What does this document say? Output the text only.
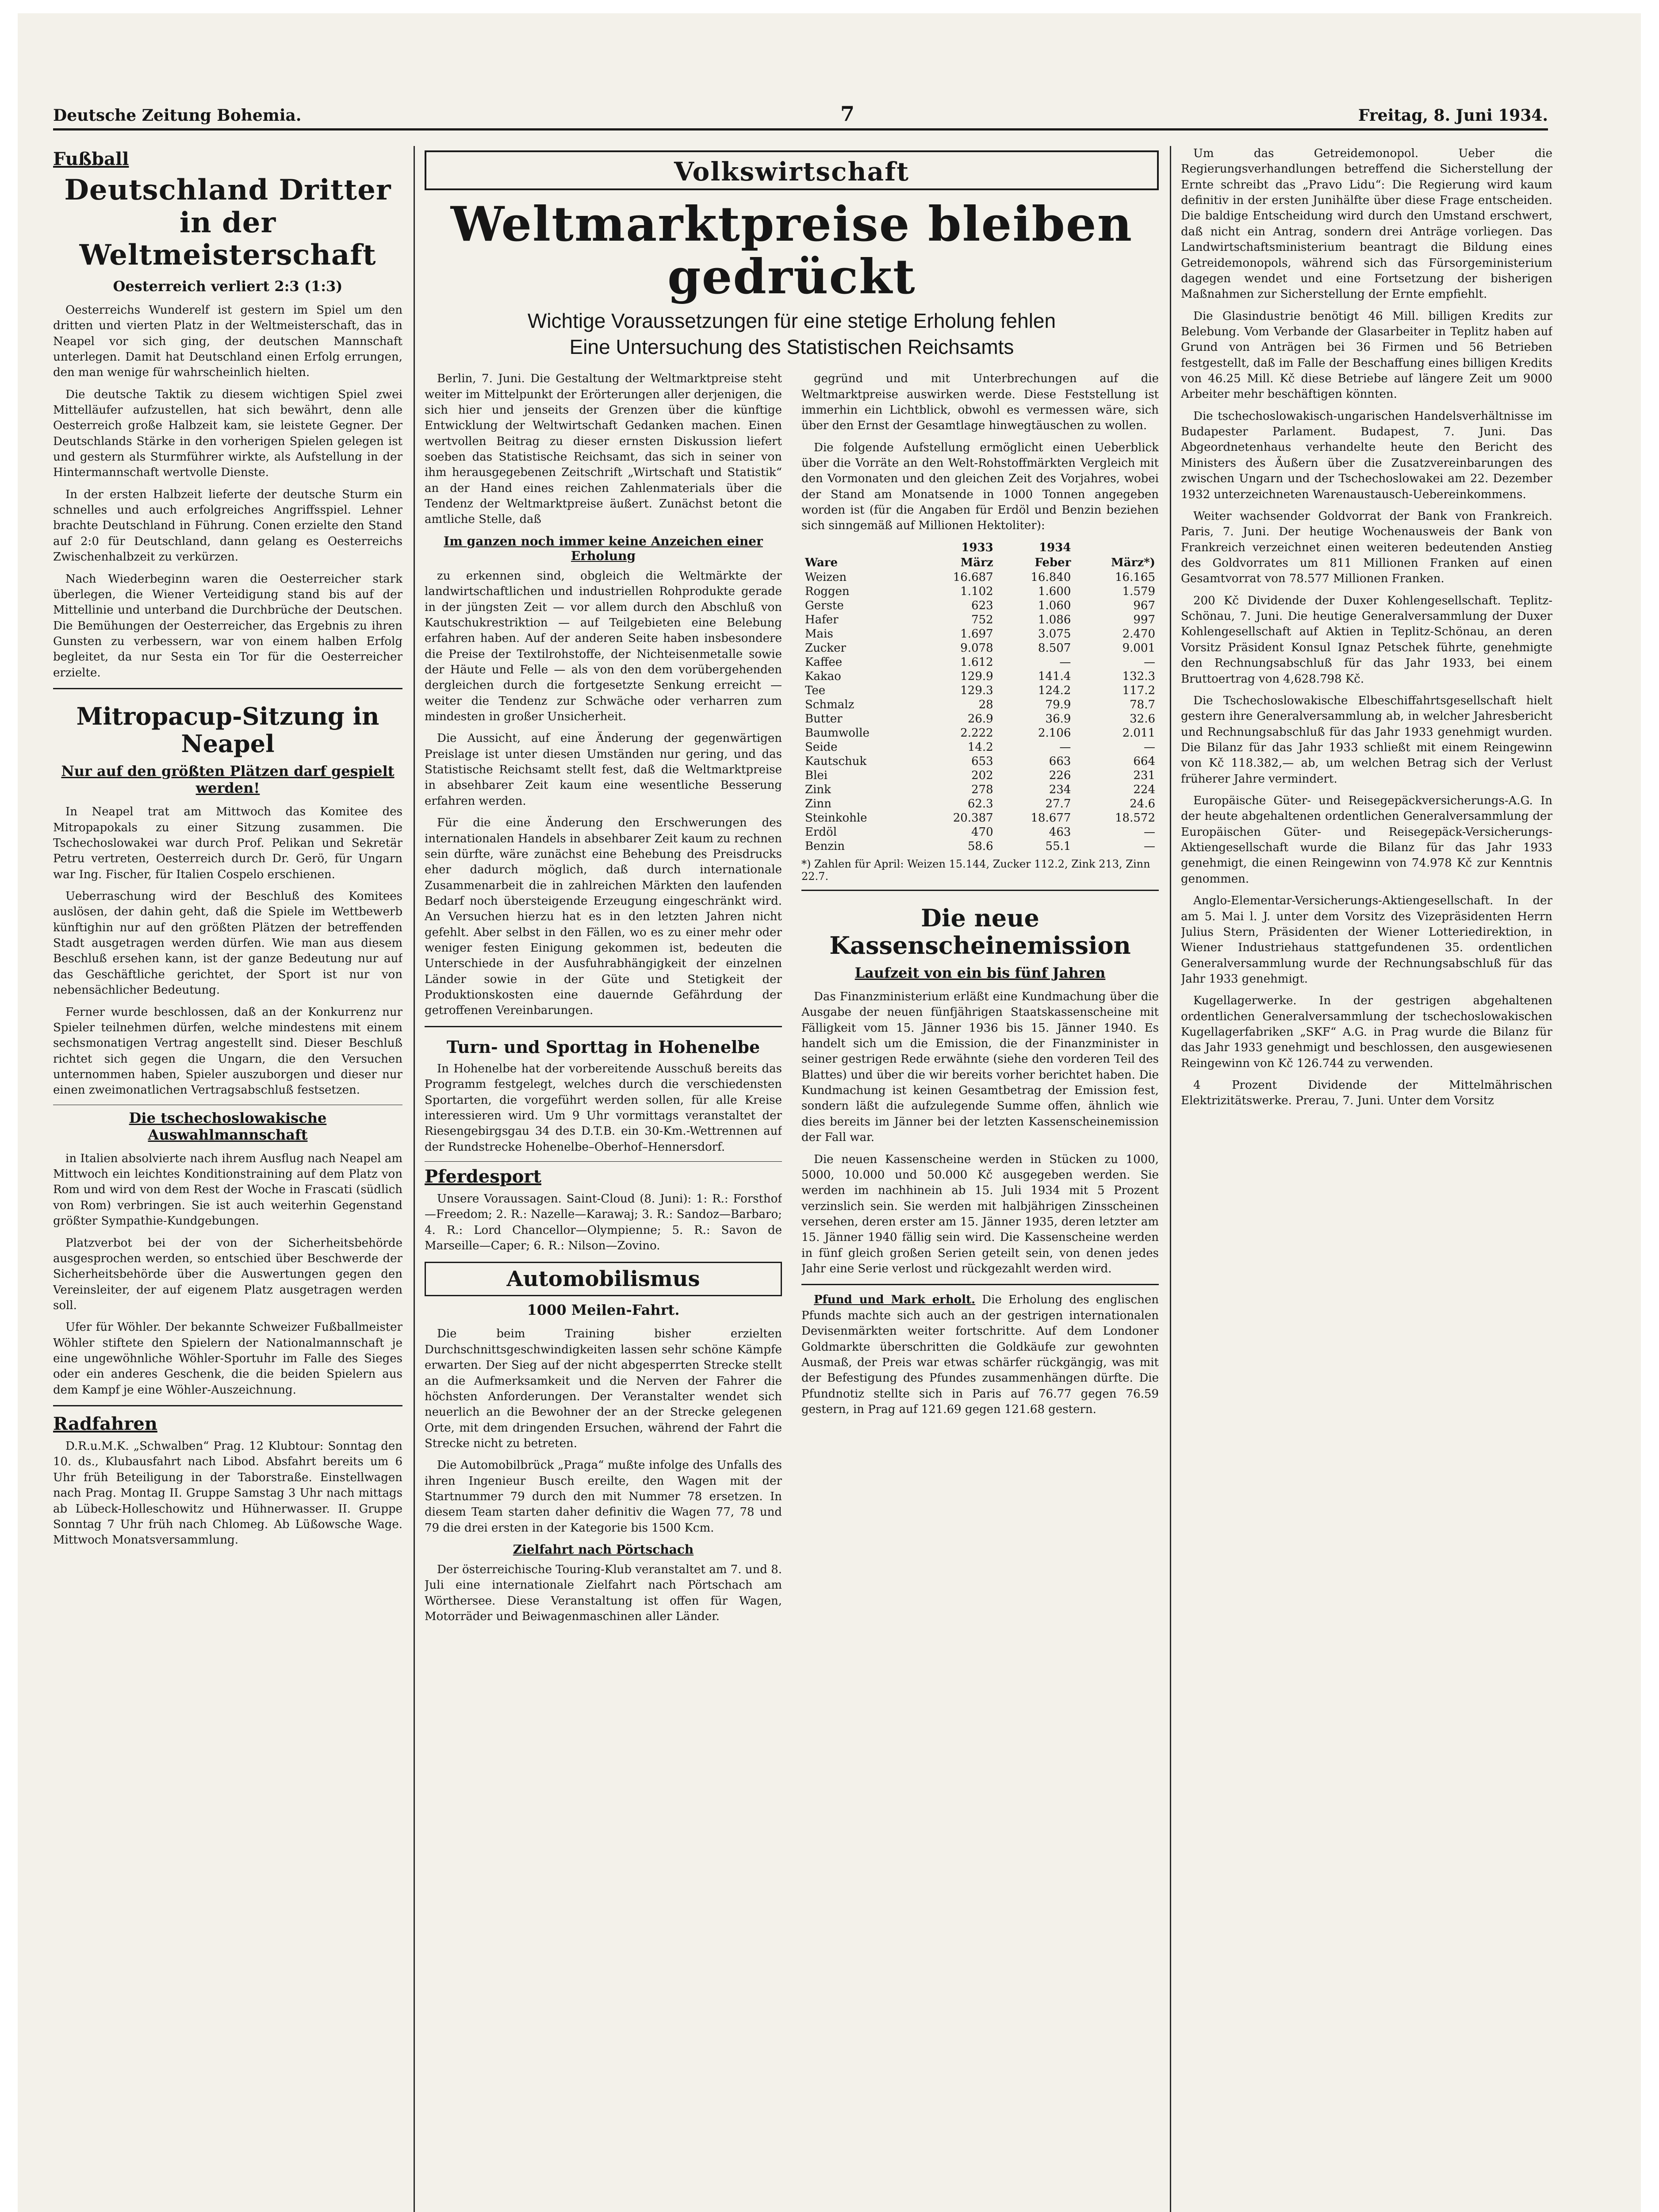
Deutsche Zeitung Bohemia.	7	Freitag, 8. Juni 1934.
Fußball
Deutschland Dritter in der Weltmeisterschaft
Oesterreich verliert 2:3 (1:3)

Oesterreichs Wunderelf ist gestern im Spiel um den dritten und vierten Platz in der Weltmeisterschaft, das in Neapel vor sich ging, der deutschen Mannschaft unterlegen. Damit hat Deutschland einen Erfolg errungen, den man wenige für wahrscheinlich hielten.

Die deutsche Taktik zu diesem wichtigen Spiel zwei Mittelläufer aufzustellen, hat sich bewährt, denn alle Oesterreich große Halbzeit kam, sie leistete Gegner. Der Deutschlands Stärke in den vorherigen Spielen gelegen ist und gestern als Sturmführer wirkte, als Aufstellung in der Hintermannschaft wertvolle Dienste.

In der ersten Halbzeit lieferte der deutsche Sturm ein schnelles und auch erfolgreiches Angriffsspiel. Lehner brachte Deutschland in Führung. Conen erzielte den Stand auf 2:0 für Deutschland, dann gelang es Oesterreichs Zwischenhalbzeit zu verkürzen.

Nach Wiederbeginn waren die Oesterreicher stark überlegen, die Wiener Verteidigung stand bis auf der Mittellinie und unterband die Durchbrüche der Deutschen. Die Bemühungen der Oesterreicher, das Ergebnis zu ihren Gunsten zu verbessern, war von einem halben Erfolg begleitet, da nur Sesta ein Tor für die Oesterreicher erzielte.

Mitropacup-Sitzung in Neapel
Nur auf den größten Plätzen darf gespielt werden!

In Neapel trat am Mittwoch das Komitee des Mitropapokals zu einer Sitzung zusammen. Die Tschechoslowakei war durch Prof. Pelikan und Sekretär Petru vertreten, Oesterreich durch Dr. Gerö, für Ungarn war Ing. Fischer, für Italien Cospelo erschienen.

Ueberraschung wird der Beschluß des Komitees auslösen, der dahin geht, daß die Spiele im Wettbewerb künftighin nur auf den größten Plätzen der betreffenden Stadt ausgetragen werden dürfen. Wie man aus diesem Beschluß ersehen kann, ist der ganze Bedeutung nur auf das Geschäftliche gerichtet, der Sport ist nur von nebensächlicher Bedeutung.

Ferner wurde beschlossen, daß an der Konkurrenz nur Spieler teilnehmen dürfen, welche mindestens mit einem sechsmonatigen Vertrag angestellt sind. Dieser Beschluß richtet sich gegen die Ungarn, die den Versuchen unternommen haben, Spieler auszuborgen und dieser nur einen zweimonatlichen Vertragsabschluß festsetzen.

Die tschechoslowakische Auswahlmannschaft

in Italien absolvierte nach ihrem Ausflug nach Neapel am Mittwoch ein leichtes Konditionstraining auf dem Platz von Rom und wird von dem Rest der Woche in Frascati (südlich von Rom) verbringen. Sie ist auch weiterhin Gegenstand größter Sympathie-Kundgebungen.

Platzverbot bei der von der Sicherheitsbehörde ausgesprochen werden, so entschied über Beschwerde der Sicherheitsbehörde über die Auswertungen gegen den Vereinsleiter, der auf eigenem Platz ausgetragen werden soll.

Ufer für Wöhler. Der bekannte Schweizer Fußballmeister Wöhler stiftete den Spielern der Nationalmannschaft je eine ungewöhnliche Wöhler-Sportuhr im Falle des Sieges oder ein anderes Geschenk, die die beiden Spielern aus dem Kampf je eine Wöhler-Auszeichnung.

Radfahren

D.R.u.M.K. „Schwalben“ Prag. 12 Klubtour: Sonntag den 10. ds., Klubausfahrt nach Libod. Absfahrt bereits um 6 Uhr früh Beteiligung in der Taborstraße. Einstellwagen nach Prag. Montag II. Gruppe Samstag 3 Uhr nach mittags ab Lübeck-Holleschowitz und Hühnerwasser. II. Gruppe Sonntag 7 Uhr früh nach Chlomeg. Ab Lüßowsche Wage. Mittwoch Monatsversammlung.

Volkswirtschaft
Weltmarktpreise bleiben gedrückt
Wichtige Voraussetzungen für eine stetige Erholung fehlen
Eine Untersuchung des Statistischen Reichsamts

Berlin, 7. Juni. Die Gestaltung der Weltmarktpreise steht weiter im Mittelpunkt der Erörterungen aller derjenigen, die sich hier und jenseits der Grenzen über die künftige Entwicklung der Weltwirtschaft Gedanken machen. Einen wertvollen Beitrag zu dieser ernsten Diskussion liefert soeben das Statistische Reichsamt, das sich in seiner von ihm herausgegebenen Zeitschrift „Wirtschaft und Statistik“ an der Hand eines reichen Zahlenmaterials über die Tendenz der Weltmarktpreise äußert. Zunächst betont die amtliche Stelle, daß

Im ganzen noch immer keine Anzeichen einer Erholung

zu erkennen sind, obgleich die Weltmärkte der landwirtschaftlichen und industriellen Rohprodukte gerade in der jüngsten Zeit — vor allem durch den Abschluß von Kautschukrestriktion — auf Teilgebieten eine Belebung erfahren haben. Auf der anderen Seite haben insbesondere die Preise der Textilrohstoffe, der Nichteisenmetalle sowie der Häute und Felle — als von den dem vorübergehenden dergleichen durch die fortgesetzte Senkung erreicht — weiter die Tendenz zur Schwäche oder verharren zum mindesten in großer Unsicherheit.

Die Aussicht, auf eine Änderung der gegenwärtigen Preislage ist unter diesen Umständen nur gering, und das Statistische Reichsamt stellt fest, daß die Weltmarktpreise in absehbarer Zeit kaum eine wesentliche Besserung erfahren werden.

Für die eine Änderung den Erschwerungen des internationalen Handels in absehbarer Zeit kaum zu rechnen sein dürfte, wäre zunächst eine Behebung des Preisdrucks eher dadurch möglich, daß durch internationale Zusammenarbeit die in zahlreichen Märkten den laufenden Bedarf noch übersteigende Erzeugung eingeschränkt wird. An Versuchen hierzu hat es in den letzten Jahren nicht gefehlt. Aber selbst in den Fällen, wo es zu einer mehr oder weniger festen Einigung gekommen ist, bedeuten die Unterschiede in der Ausfuhrabhängigkeit der einzelnen Länder sowie in der Güte und Stetigkeit der Produktionskosten eine dauernde Gefährdung der getroffenen Vereinbarungen.

Turn- und Sporttag in Hohenelbe

In Hohenelbe hat der vorbereitende Ausschuß bereits das Programm festgelegt, welches durch die verschiedensten Sportarten, die vorgeführt werden sollen, für alle Kreise interessieren wird. Um 9 Uhr vormittags veranstaltet der Riesengebirgsgau 34 des D.T.B. ein 30-Km.-Wettrennen auf der Rundstrecke Hohenelbe–Oberhof–Hennersdorf.

Pferdesport

Unsere Voraussagen. Saint-Cloud (8. Juni): 1: R.: Forsthof—Freedom; 2. R.: Nazelle—Karawaj; 3. R.: Sandoz—Barbaro; 4. R.: Lord Chancellor—Olympienne; 5. R.: Savon de Marseille—Caper; 6. R.: Nilson—Zovino.

Automobilismus
1000 Meilen-Fahrt.

Die beim Training bisher erzielten Durchschnittsgeschwindigkeiten lassen sehr schöne Kämpfe erwarten. Der Sieg auf der nicht abgesperrten Strecke stellt an die Aufmerksamkeit und die Nerven der Fahrer die höchsten Anforderungen. Der Veranstalter wendet sich neuerlich an die Bewohner der an der Strecke gelegenen Orte, mit dem dringenden Ersuchen, während der Fahrt die Strecke nicht zu betreten.

Die Automobilbrück „Praga“ mußte infolge des Unfalls des ihren Ingenieur Busch ereilte, den Wagen mit der Startnummer 79 durch den mit Nummer 78 ersetzen. In diesem Team starten daher definitiv die Wagen 77, 78 und 79 die drei ersten in der Kategorie bis 1500 Kcm.

Zielfahrt nach Pörtschach

Der österreichische Touring-Klub veranstaltet am 7. und 8. Juli eine internationale Zielfahrt nach Pörtschach am Wörthersee. Diese Veranstaltung ist offen für Wagen, Motorräder und Beiwagenmaschinen aller Länder.

gegründ und mit Unterbrechungen auf die Weltmarktpreise auswirken werde. Diese Feststellung ist immerhin ein Lichtblick, obwohl es vermessen wäre, sich über den Ernst der Gesamtlage hinwegtäuschen zu wollen.

Die folgende Aufstellung ermöglicht einen Ueberblick über die Vorräte an den Welt-Rohstoffmärkten Vergleich mit den Vormonaten und den gleichen Zeit des Vorjahres, wobei der Stand am Monatsende in 1000 Tonnen angegeben worden ist (für die Angaben für Erdöl und Benzin beziehen sich sinngemäß auf Millionen Hektoliter):

	1933	1934	
Ware	März	Feber	März*)
Weizen	16.687	16.840	16.165
Roggen	1.102	1.600	1.579
Gerste	623	1.060	967
Hafer	752	1.086	997
Mais	1.697	3.075	2.470
Zucker	9.078	8.507	9.001
Kaffee	1.612	—	—
Kakao	129.9	141.4	132.3
Tee	129.3	124.2	117.2
Schmalz	28	79.9	78.7
Butter	26.9	36.9	32.6
Baumwolle	2.222	2.106	2.011
Seide	14.2	—	—
Kautschuk	653	663	664
Blei	202	226	231
Zink	278	234	224
Zinn	62.3	27.7	24.6
Steinkohle	20.387	18.677	18.572
Erdöl	470	463	—
Benzin	58.6	55.1	—
*) Zahlen für April: Weizen 15.144, Zucker 112.2, Zink 213, Zinn 22.7.
Die neue Kassenscheinemission
Laufzeit von ein bis fünf Jahren

Das Finanzministerium erläßt eine Kundmachung über die Ausgabe der neuen fünfjährigen Staatskassenscheine mit Fälligkeit vom 15. Jänner 1936 bis 15. Jänner 1940. Es handelt sich um die Emission, die der Finanzminister in seiner gestrigen Rede erwähnte (siehe den vorderen Teil des Blattes) und über die wir bereits vorher berichtet haben. Die Kundmachung ist keinen Gesamtbetrag der Emission fest, sondern läßt die aufzulegende Summe offen, ähnlich wie dies bereits im Jänner bei der letzten Kassenscheinemission der Fall war.

Die neuen Kassenscheine werden in Stücken zu 1000, 5000, 10.000 und 50.000 Kč ausgegeben werden. Sie werden im nachhinein ab 15. Juli 1934 mit 5 Prozent verzinslich sein. Sie werden mit halbjährigen Zinsscheinen versehen, deren erster am 15. Jänner 1935, deren letzter am 15. Jänner 1940 fällig sein wird. Die Kassenscheine werden in fünf gleich großen Serien geteilt sein, von denen jedes Jahr eine Serie verlost und rückgezahlt werden wird.

Pfund und Mark erholt. Die Erholung des englischen Pfunds machte sich auch an der gestrigen internationalen Devisenmärkten weiter fortschritte. Auf dem Londoner Goldmarkte überschritten die Goldkäufe zur gewohnten Ausmaß, der Preis war etwas schärfer rückgängig, was mit der Befestigung des Pfundes zusammenhängen dürfte. Die Pfundnotiz stellte sich in Paris auf 76.77 gegen 76.59 gestern, in Prag auf 121.69 gegen 121.68 gestern.

Um das Getreidemonopol. Ueber die Regierungsverhandlungen betreffend die Sicherstellung der Ernte schreibt das „Pravo Lidu“: Die Regierung wird kaum definitiv in der ersten Junihälfte über diese Frage entscheiden. Die baldige Entscheidung wird durch den Umstand erschwert, daß nicht ein Antrag, sondern drei Anträge vorliegen. Das Landwirtschaftsministerium beantragt die Bildung eines Getreidemonopols, während sich das Fürsorgeministerium dagegen wendet und eine Fortsetzung der bisherigen Maßnahmen zur Sicherstellung der Ernte empfiehlt.

Die Glasindustrie benötigt 46 Mill. billigen Kredits zur Belebung. Vom Verbande der Glasarbeiter in Teplitz haben auf Grund von Anträgen bei 36 Firmen und 56 Betrieben festgestellt, daß im Falle der Beschaffung eines billigen Kredits von 46.25 Mill. Kč diese Betriebe auf längere Zeit um 9000 Arbeiter mehr beschäftigen könnten.

Die tschechoslowakisch-ungarischen Handelsverhältnisse im Budapester Parlament. Budapest, 7. Juni. Das Abgeordnetenhaus verhandelte heute den Bericht des Ministers des Äußern über die Zusatzvereinbarungen des zwischen Ungarn und der Tschechoslowakei am 22. Dezember 1932 unterzeichneten Warenaustausch-Uebereinkommens.

Weiter wachsender Goldvorrat der Bank von Frankreich. Paris, 7. Juni. Der heutige Wochenausweis der Bank von Frankreich verzeichnet einen weiteren bedeutenden Anstieg des Goldvorrates um 811 Millionen Franken auf einen Gesamtvorrat von 78.577 Millionen Franken.

200 Kč Dividende der Duxer Kohlengesellschaft. Teplitz-Schönau, 7. Juni. Die heutige Generalversammlung der Duxer Kohlengesellschaft auf Aktien in Teplitz-Schönau, an deren Vorsitz Präsident Konsul Ignaz Petschek führte, genehmigte den Rechnungsabschluß für das Jahr 1933, bei einem Bruttoertrag von 4,628.798 Kč.

Die Tschechoslowakische Elbeschiffahrtsgesellschaft hielt gestern ihre Generalversammlung ab, in welcher Jahresbericht und Rechnungsabschluß für das Jahr 1933 genehmigt wurden. Die Bilanz für das Jahr 1933 schließt mit einem Reingewinn von Kč 118.382,— ab, um welchen Betrag sich der Verlust früherer Jahre vermindert.

Europäische Güter- und Reisegepäckversicherungs-A.G. In der heute abgehaltenen ordentlichen Generalversammlung der Europäischen Güter- und Reisegepäck-Versicherungs-Aktiengesellschaft wurde die Bilanz für das Jahr 1933 genehmigt, die einen Reingewinn von 74.978 Kč zur Kenntnis genommen.

Anglo-Elementar-Versicherungs-Aktiengesellschaft. In der am 5. Mai l. J. unter dem Vorsitz des Vizepräsidenten Herrn Julius Stern, Präsidenten der Wiener Lotteriedirektion, in Wiener Industriehaus stattgefundenen 35. ordentlichen Generalversammlung wurde der Rechnungsabschluß für das Jahr 1933 genehmigt.

Kugellagerwerke. In der gestrigen abgehaltenen ordentlichen Generalversammlung der tschechoslowakischen Kugellagerfabriken „SKF“ A.G. in Prag wurde die Bilanz für das Jahr 1933 genehmigt und beschlossen, den ausgewiesenen Reingewinn von Kč 126.744 zu verwenden.

4 Prozent Dividende der Mittelmährischen Elektrizitätswerke. Prerau, 7. Juni. Unter dem Vorsitz
